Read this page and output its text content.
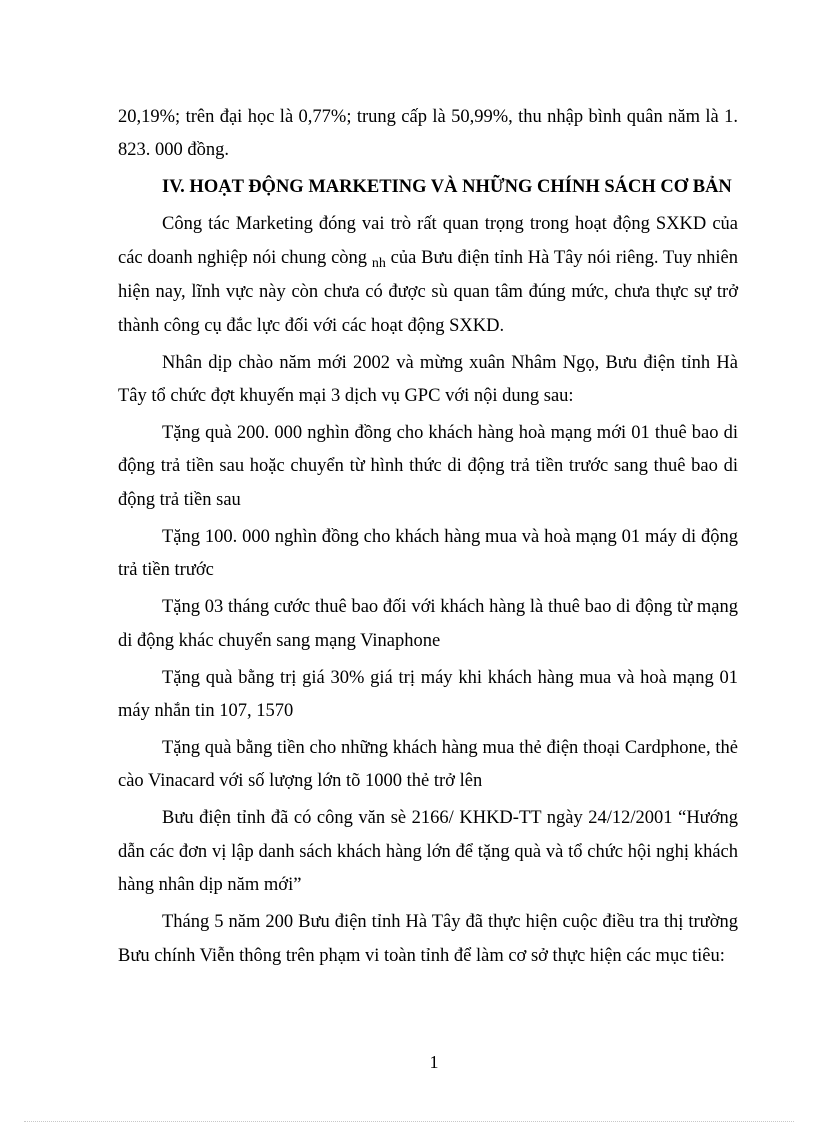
20,19%; trên đại học là 0,77%; trung cấp là 50,99%, thu nhập bình quân năm là 1. 823. 000 đồng.

IV. HOẠT ĐỘNG MARKETING VÀ NHỮNG CHÍNH SÁCH CƠ BẢN

Công tác Marketing đóng vai trò rất quan trọng trong hoạt động SXKD của các doanh nghiệp nói chung còng $_{nh}$ của Bưu điện tỉnh Hà Tây nói riêng. Tuy nhiên hiện nay, lĩnh vực này còn chưa có được sù quan tâm đúng mức, chưa thực sự trở thành công cụ đắc lực đối với các hoạt động SXKD.

Nhân dịp chào năm mới 2002 và mừng xuân Nhâm Ngọ, Bưu điện tỉnh Hà Tây tổ chức đợt khuyến mại 3 dịch vụ GPC với nội dung sau:

Tặng quà 200. 000 nghìn đồng cho khách hàng hoà mạng mới 01 thuê bao di động trả tiền sau hoặc chuyển từ hình thức di động trả tiền trước sang thuê bao di động trả tiền sau

Tặng 100. 000 nghìn đồng cho khách hàng mua và hoà mạng 01 máy di động trả tiền trước

Tặng 03 tháng cước thuê bao đối với khách hàng là thuê bao di động từ mạng di động khác chuyển sang mạng Vinaphone

Tặng quà bằng trị giá 30% giá trị máy khi khách hàng mua và hoà mạng 01 máy nhắn tin 107, 1570

Tặng quà bằng tiền cho những khách hàng mua thẻ điện thoại Cardphone, thẻ cào Vinacard với số lượng lớn tõ 1000 thẻ trở lên

Bưu điện tỉnh đã có công văn sè 2166/ KHKD-TT ngày 24/12/2001 “Hướng dẫn các đơn vị lập danh sách khách hàng lớn để tặng quà và tổ chức hội nghị khách hàng nhân dịp năm mới”

Tháng 5 năm 200 Bưu điện tỉnh Hà Tây đã thực hiện cuộc điều tra thị trường Bưu chính Viễn thông trên phạm vi toàn tỉnh để làm cơ sở thực hiện các mục tiêu:

1
